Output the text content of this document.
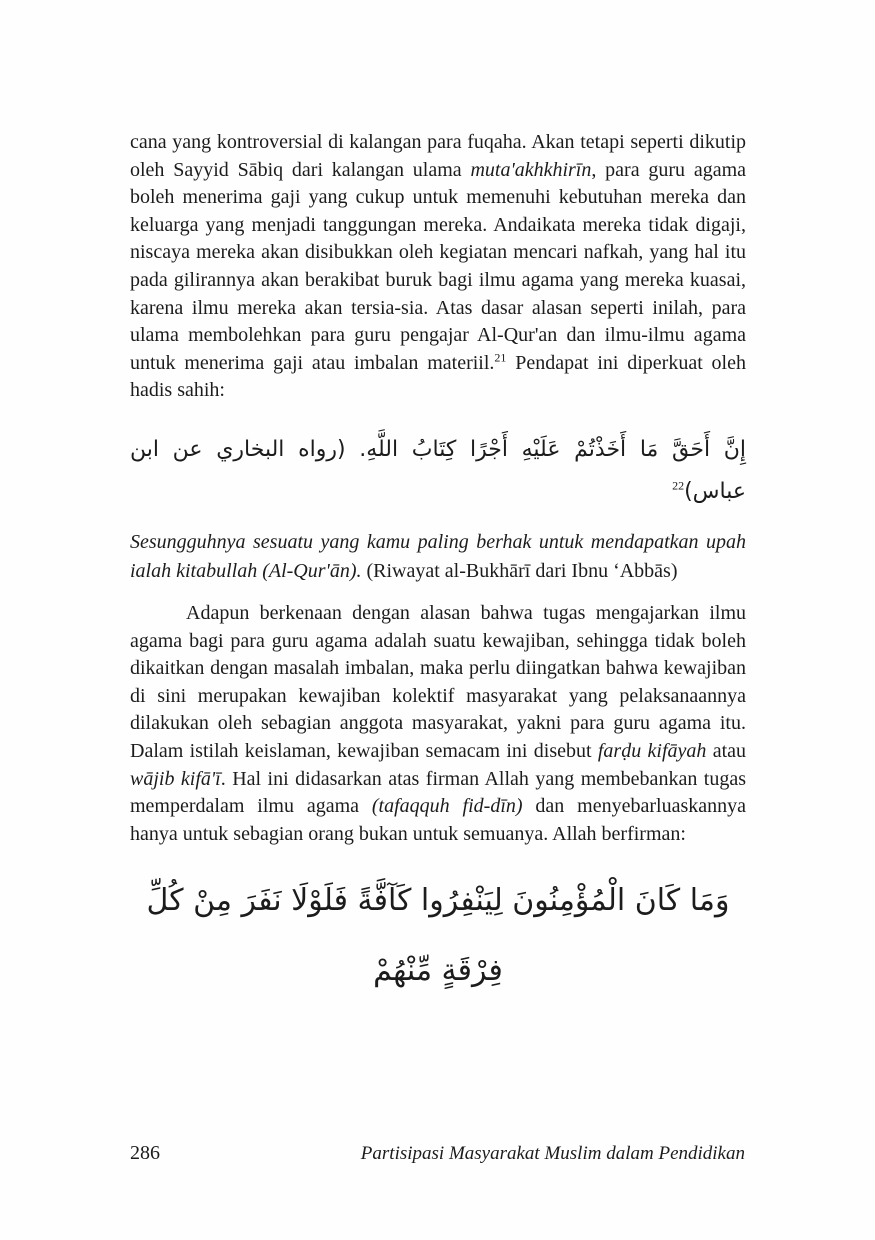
cana yang kontroversial di kalangan para fuqaha. Akan tetapi seperti dikutip oleh Sayyid Sābiq dari kalangan ulama muta'akhkhirīn, para guru agama boleh menerima gaji yang cukup untuk memenuhi kebutuhan mereka dan keluarga yang menjadi tanggungan mereka. Andaikata mereka tidak digaji, niscaya mereka akan disibukkan oleh kegiatan mencari nafkah, yang hal itu pada gilirannya akan berakibat buruk bagi ilmu agama yang mereka kuasai, karena ilmu mereka akan tersia-sia. Atas dasar alasan seperti inilah, para ulama membolehkan para guru pengajar Al-Qur'an dan ilmu-ilmu agama untuk menerima gaji atau imbalan materiil.$^{21}$ Pendapat ini diperkuat oleh hadis sahih:

إِنَّ أَحَقَّ مَا أَخَذْتُمْ عَلَيْهِ أَجْرًا كِتَابُ اللَّهِ. (رواه البخاري عن ابن
عباس)$^{22}$

Sesungguhnya sesuatu yang kamu paling berhak untuk mendapatkan upah ialah kitabullah (Al-Qur'ān). (Riwayat al-Bukhārī dari Ibnu ‘Abbās)

Adapun berkenaan dengan alasan bahwa tugas mengajarkan ilmu agama bagi para guru agama adalah suatu kewajiban, sehingga tidak boleh dikaitkan dengan masalah imbalan, maka perlu diingatkan bahwa kewajiban di sini merupakan kewajiban kolektif masyarakat yang pelaksanaannya dilakukan oleh sebagian anggota masyarakat, yakni para guru agama itu. Dalam istilah keislaman, kewajiban semacam ini disebut farḍu kifāyah atau wājib kifā'ī. Hal ini didasarkan atas firman Allah yang membebankan tugas memperdalam ilmu agama (tafaqquh fid-dīn) dan menyebarluaskannya hanya untuk sebagian orang bukan untuk semuanya. Allah berfirman:

وَمَا كَانَ الْمُؤْمِنُونَ لِيَنْفِرُوا كَآفَّةً فَلَوْلَا نَفَرَ مِنْ كُلِّ فِرْقَةٍ مِّنْهُمْ
286	Partisipasi Masyarakat Muslim dalam Pendidikan
